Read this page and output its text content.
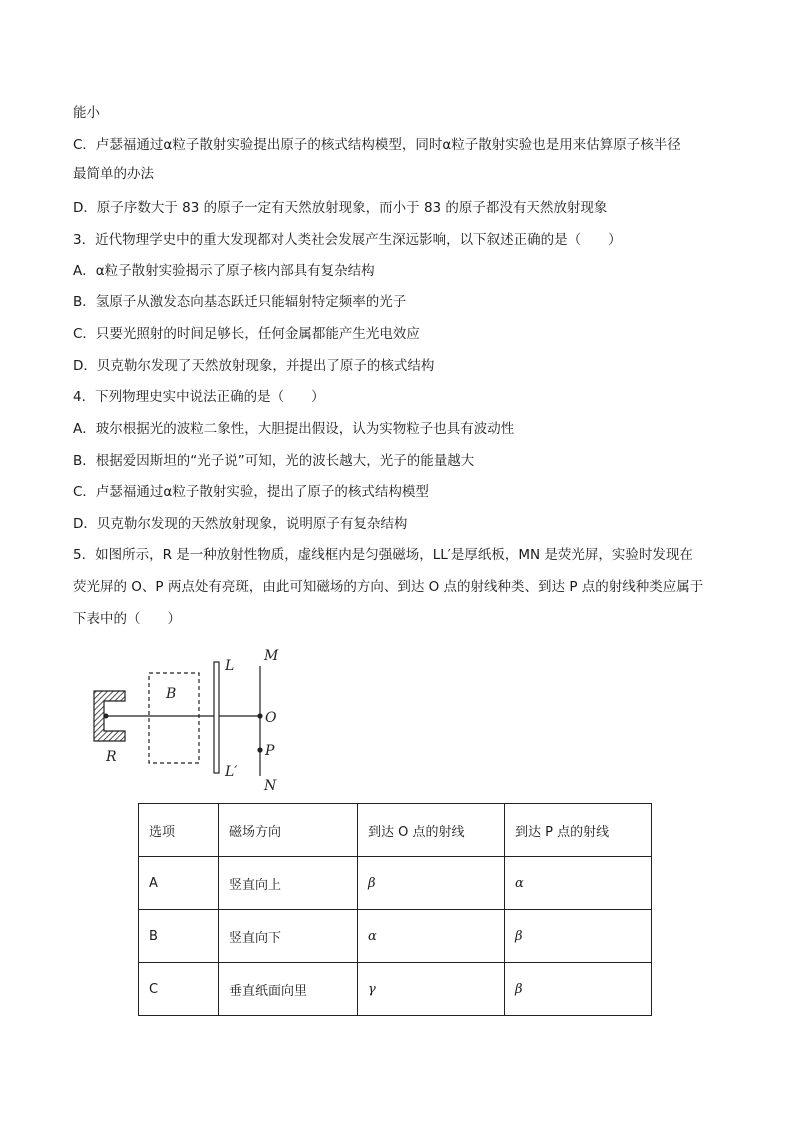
能小
C．卢瑟福通过α粒子散射实验提出原子的核式结构模型，同时α粒子散射实验也是用来估算原子核半径
最简单的办法
D．原子序数大于 83 的原子一定有天然放射现象，而小于 83 的原子都没有天然放射现象
3．近代物理学史中的重大发现都对人类社会发展产生深远影响，以下叙述正确的是（　　）
A．α粒子散射实验揭示了原子核内部具有复杂结构
B．氢原子从激发态向基态跃迁只能辐射特定频率的光子
C．只要光照射的时间足够长，任何金属都能产生光电效应
D．贝克勒尔发现了天然放射现象，并提出了原子的核式结构
4．下列物理史实中说法正确的是（　　）
A．玻尔根据光的波粒二象性，大胆提出假设，认为实物粒子也具有波动性
B．根据爱因斯坦的“光子说”可知，光的波长越大，光子的能量越大
C．卢瑟福通过α粒子散射实验，提出了原子的核式结构模型
D．贝克勒尔发现的天然放射现象，说明原子有复杂结构
5．如图所示，R 是一种放射性物质，虚线框内是匀强磁场，LL′是厚纸板，MN 是荧光屏，实验时发现在
荧光屏的 O、P 两点处有亮斑，由此可知磁场的方向、到达 O 点的射线种类、到达 P 点的射线种类应属于
下表中的（　　）
R
B
L
L′
M
O
P
N
选项	磁场方向	到达 O 点的射线	到达 P 点的射线
A	竖直向上	β	α
B	竖直向下	α	β
C	垂直纸面向里	γ	β
